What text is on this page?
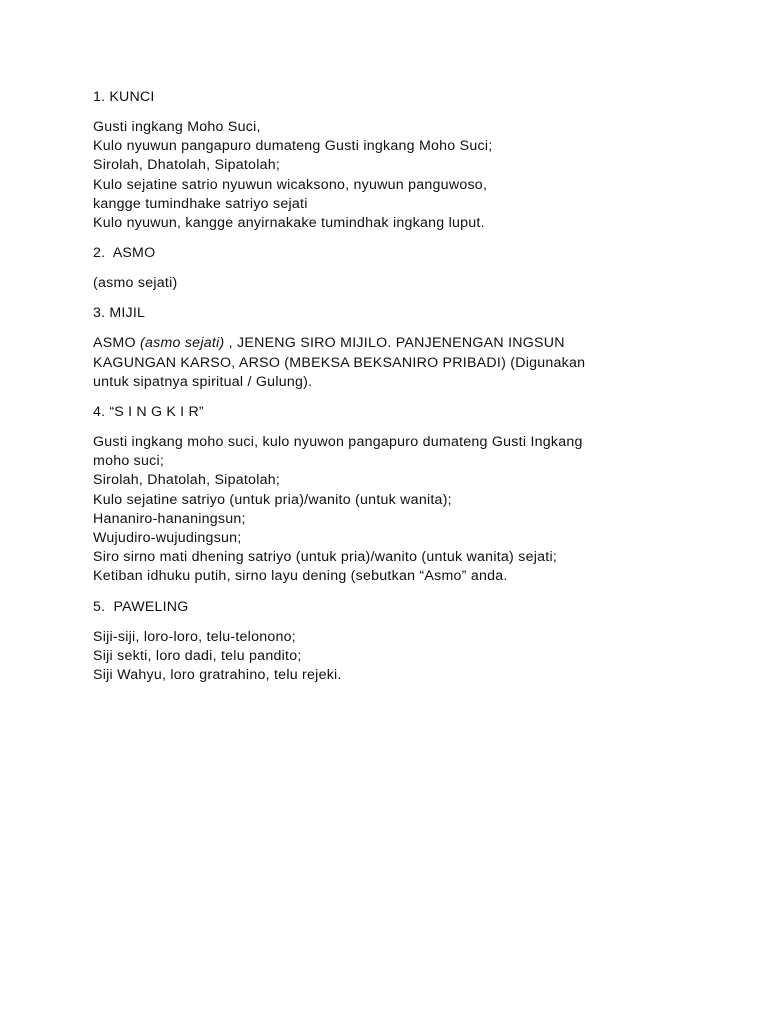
1. KUNCI
Gusti ingkang Moho Suci,
Kulo nyuwun pangapuro dumateng Gusti ingkang Moho Suci;
Sirolah, Dhatolah, Sipatolah;
Kulo sejatine satrio nyuwun wicaksono, nyuwun panguwoso,
kangge tumindhake satriyo sejati
Kulo nyuwun, kangge anyirnakake tumindhak ingkang luput.
2.  ASMO
(asmo sejati)
3. MIJIL
ASMO (asmo sejati) , JENENG SIRO MIJILO. PANJENENGAN INGSUN
KAGUNGAN KARSO, ARSO (MBEKSA BEKSANIRO PRIBADI) (Digunakan
untuk sipatnya spiritual / Gulung).
4. “S I N G K I R”
Gusti ingkang moho suci, kulo nyuwon pangapuro dumateng Gusti Ingkang
moho suci;
Sirolah, Dhatolah, Sipatolah;
Kulo sejatine satriyo (untuk pria)/wanito (untuk wanita);
Hananiro-hananingsun;
Wujudiro-wujudingsun;
Siro sirno mati dhening satriyo (untuk pria)/wanito (untuk wanita) sejati;
Ketiban idhuku putih, sirno layu dening (sebutkan “Asmo” anda.
5.  PAWELING
Siji-siji, loro-loro, telu-telonono;
Siji sekti, loro dadi, telu pandito;
Siji Wahyu, loro gratrahino, telu rejeki.
